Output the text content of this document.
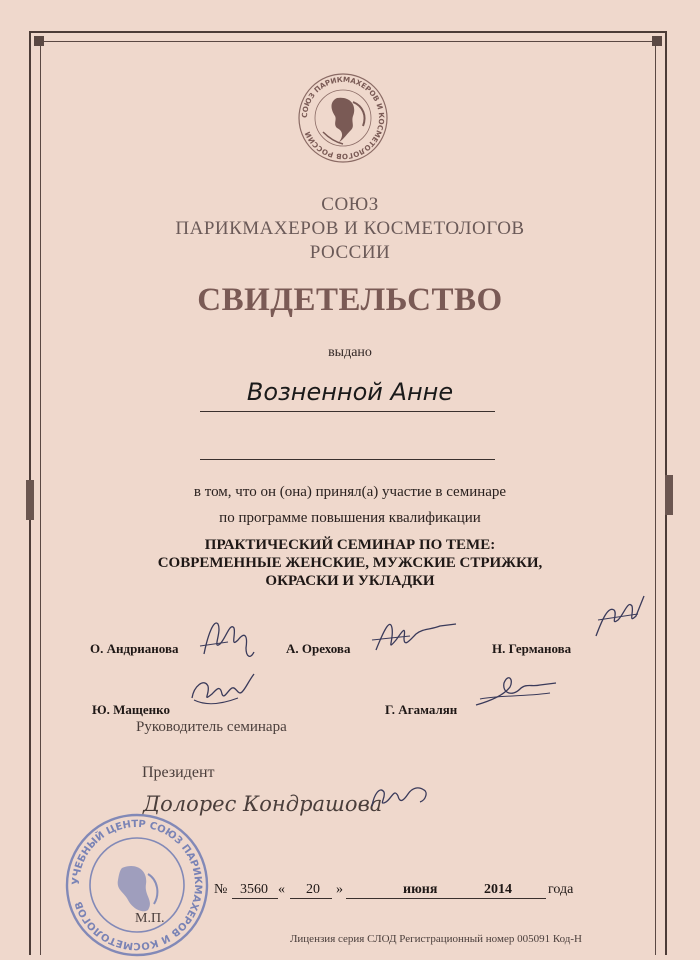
СОЮЗ ПАРИКМАХЕРОВ И КОСМЕТОЛОГОВ РОССИИ
СОЮЗ
ПАРИКМАХЕРОВ И КОСМЕТОЛОГОВ
РОССИИ
СВИДЕТЕЛЬСТВО
выдано
Возненной Анне
в том, что он (она) принял(а) участие в семинаре
по программе повышения квалификации
ПРАКТИЧЕСКИЙ СЕМИНАР ПО ТЕМЕ:
СОВРЕМЕННЫЕ ЖЕНСКИЕ, МУЖСКИЕ СТРИЖКИ,
ОКРАСКИ И УКЛАДКИ
О. Андрианова	А. Орехова	Н. Германова
Ю. Мащенко
Руководитель семинара
Г. Агамалян
Президент
Долорес Кондрашова
УЧЕБНЫЙ ЦЕНТР СОЮЗ ПАРИКМАХЕРОВ И КОСМЕТОЛОГОВ
М.П.
№ 3560 « 20 »	июня	2014	года
Лицензия серия СЛОД Регистрационный номер 005091 Код-Н
